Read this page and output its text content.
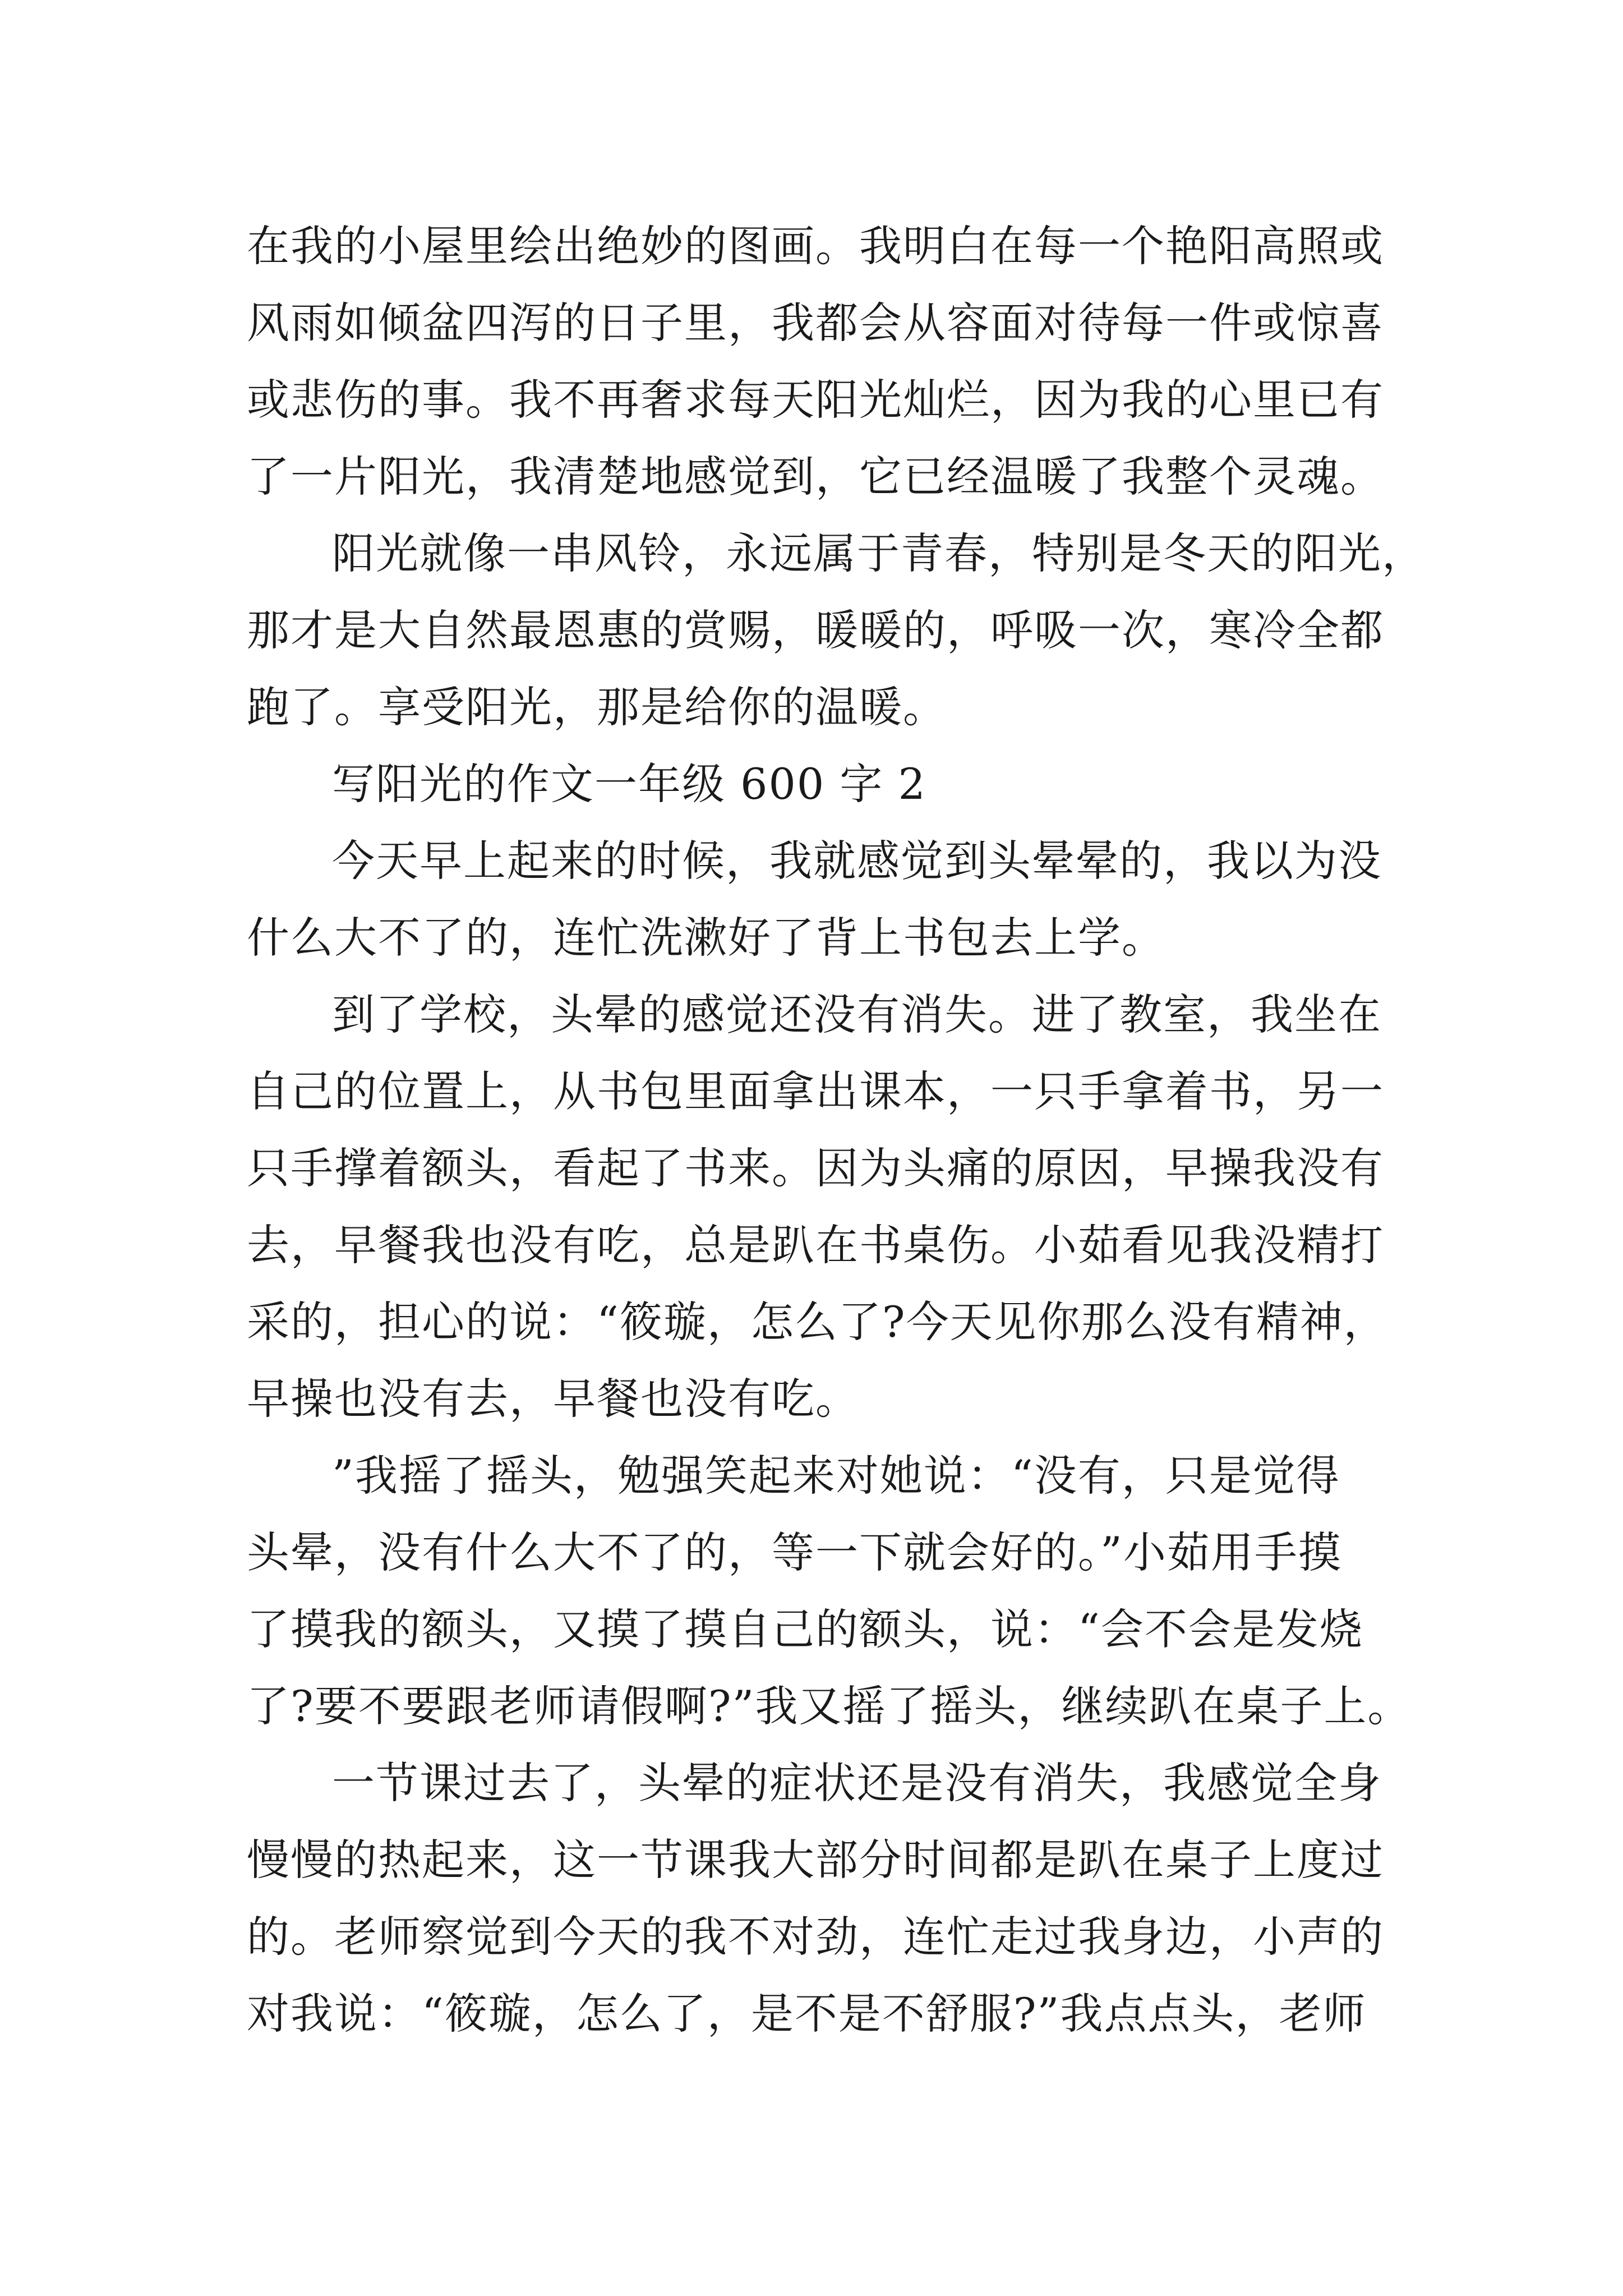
在我的小屋里绘出绝妙的图画。我明白在每一个艳阳高照或
风雨如倾盆四泻的日子里，我都会从容面对待每一件或惊喜
或悲伤的事。我不再奢求每天阳光灿烂，因为我的心里已有
了一片阳光，我清楚地感觉到，它已经温暖了我整个灵魂。
阳光就像一串风铃，永远属于青春，特别是冬天的阳光，
那才是大自然最恩惠的赏赐，暖暖的，呼吸一次，寒冷全都
跑了。享受阳光，那是给你的温暖。
写阳光的作文一年级 600 字 2
今天早上起来的时候，我就感觉到头晕晕的，我以为没
什么大不了的，连忙洗漱好了背上书包去上学。
到了学校，头晕的感觉还没有消失。进了教室，我坐在
自己的位置上，从书包里面拿出课本，一只手拿着书，另一
只手撑着额头，看起了书来。因为头痛的原因，早操我没有
去，早餐我也没有吃，总是趴在书桌伤。小茹看见我没精打
采的，担心的说：“筱璇，怎么了?今天见你那么没有精神，
早操也没有去，早餐也没有吃。
”我摇了摇头，勉强笑起来对她说：“没有，只是觉得
头晕，没有什么大不了的，等一下就会好的。”小茹用手摸
了摸我的额头，又摸了摸自己的额头，说：“会不会是发烧
了?要不要跟老师请假啊?”我又摇了摇头，继续趴在桌子上。
一节课过去了，头晕的症状还是没有消失，我感觉全身
慢慢的热起来，这一节课我大部分时间都是趴在桌子上度过
的。老师察觉到今天的我不对劲，连忙走过我身边，小声的
对我说：“筱璇，怎么了，是不是不舒服?”我点点头，老师
